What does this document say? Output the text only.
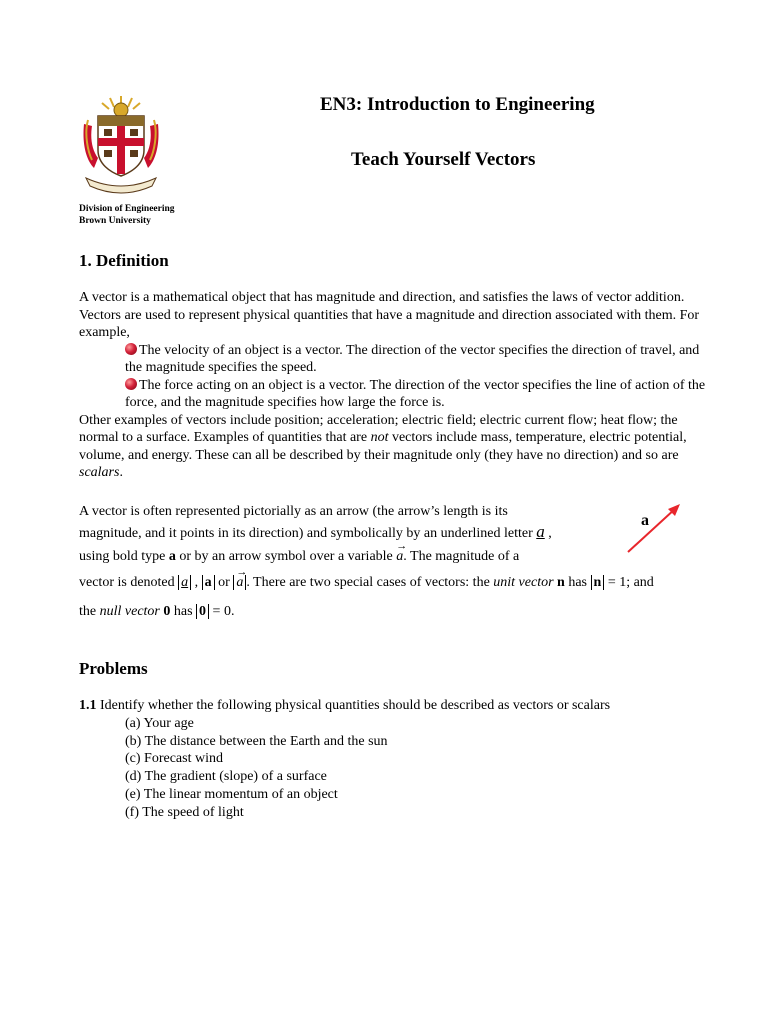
Division of Engineering
Brown University
EN3: Introduction to Engineering
Teach Yourself Vectors
1. Definition
A vector is a mathematical object that has magnitude and direction, and satisfies the laws of vector addition. Vectors are used to represent physical quantities that have a magnitude and direction associated with them. For example,
The velocity of an object is a vector. The direction of the vector specifies the direction of travel, and the magnitude specifies the speed.
The force acting on an object is a vector. The direction of the vector specifies the line of action of the force, and the magnitude specifies how large the force is.
Other examples of vectors include position; acceleration; electric field; electric current flow; heat flow; the normal to a surface. Examples of quantities that are not vectors include mass, temperature, electric potential, volume, and energy. These can all be described by their magnitude only (they have no direction) and so are scalars.
A vector is often represented pictorially as an arrow (the arrow’s length is its
magnitude, and it points in its direction) and symbolically by an underlined letter a ,
using bold type a or by an arrow symbol over a variable
→
a. The magnitude of a
vector is denoted a , a or
→
a . There are two special cases of vectors: the unit vector n has n = 1; and
the null vector 0 has 0 = 0.
a
Problems
1.1 Identify whether the following physical quantities should be described as vectors or scalars
(a) Your age
(b) The distance between the Earth and the sun
(c) Forecast wind
(d) The gradient (slope) of a surface
(e) The linear momentum of an object
(f) The speed of light
